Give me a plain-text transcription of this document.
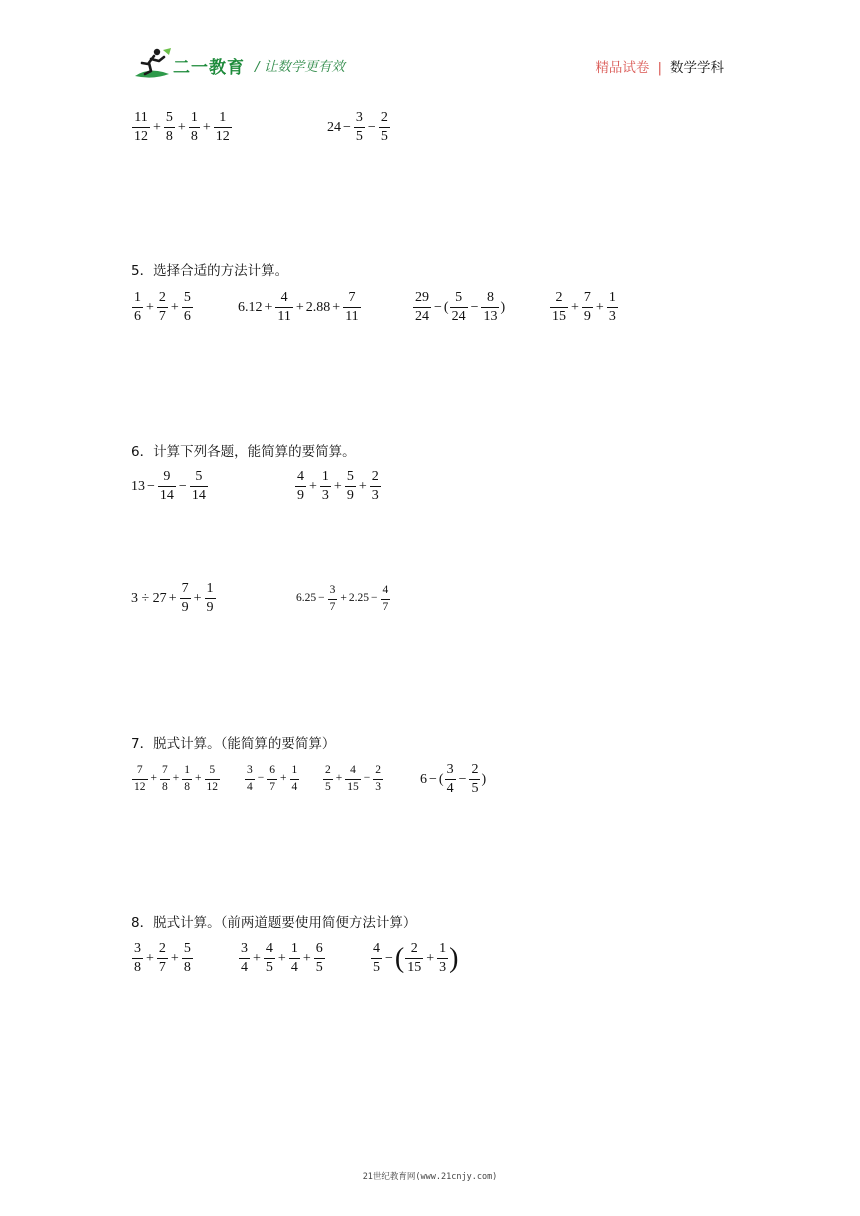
二一教育 / 让数学更有效	精品试卷 | 数学学科
$\frac{11}{12} + \frac{5}{8} + \frac{1}{8} + \frac{1}{12}$	$24 - \frac{3}{5} - \frac{2}{5}$
5．选择合适的方法计算。
$\frac{1}{6} + \frac{2}{7} + \frac{5}{6}$	$6.12 + \frac{4}{11} + 2.88 + \frac{7}{11}$	$\frac{29}{24}$ − ( $\frac{5}{24} - \frac{8}{13}$ )	$\frac{2}{15} + \frac{7}{9} + \frac{1}{3}$
6．计算下列各题，能简算的要简算。
$13 - \frac{9}{14} - \frac{5}{14}$	$\frac{4}{9} + \frac{1}{3} + \frac{5}{9} + \frac{2}{3}$
$3 \div 27 + \frac{7}{9} + \frac{1}{9}$	$6.25 - \frac{3}{7} + 2.25 - \frac{4}{7}$
7．脱式计算。（能简算的要简算）
$\frac{7}{12} + \frac{7}{8} + \frac{1}{8} + \frac{5}{12} \frac{3}{4} - \frac{6}{7} + \frac{1}{4} \frac{2}{5} + \frac{4}{15} - \frac{2}{3}$	6 − ( $\frac{3}{4} - \frac{2}{5}$ )
8．脱式计算。（前两道题要使用简便方法计算）
$\frac{3}{8} + \frac{2}{7} + \frac{5}{8}$	$\frac{3}{4} + \frac{4}{5} + \frac{1}{4} + \frac{6}{5}$	$\frac{4}{5}$ − ( $\frac{2}{15} + \frac{1}{3}$ )
21世纪教育网(www.21cnjy.com)
